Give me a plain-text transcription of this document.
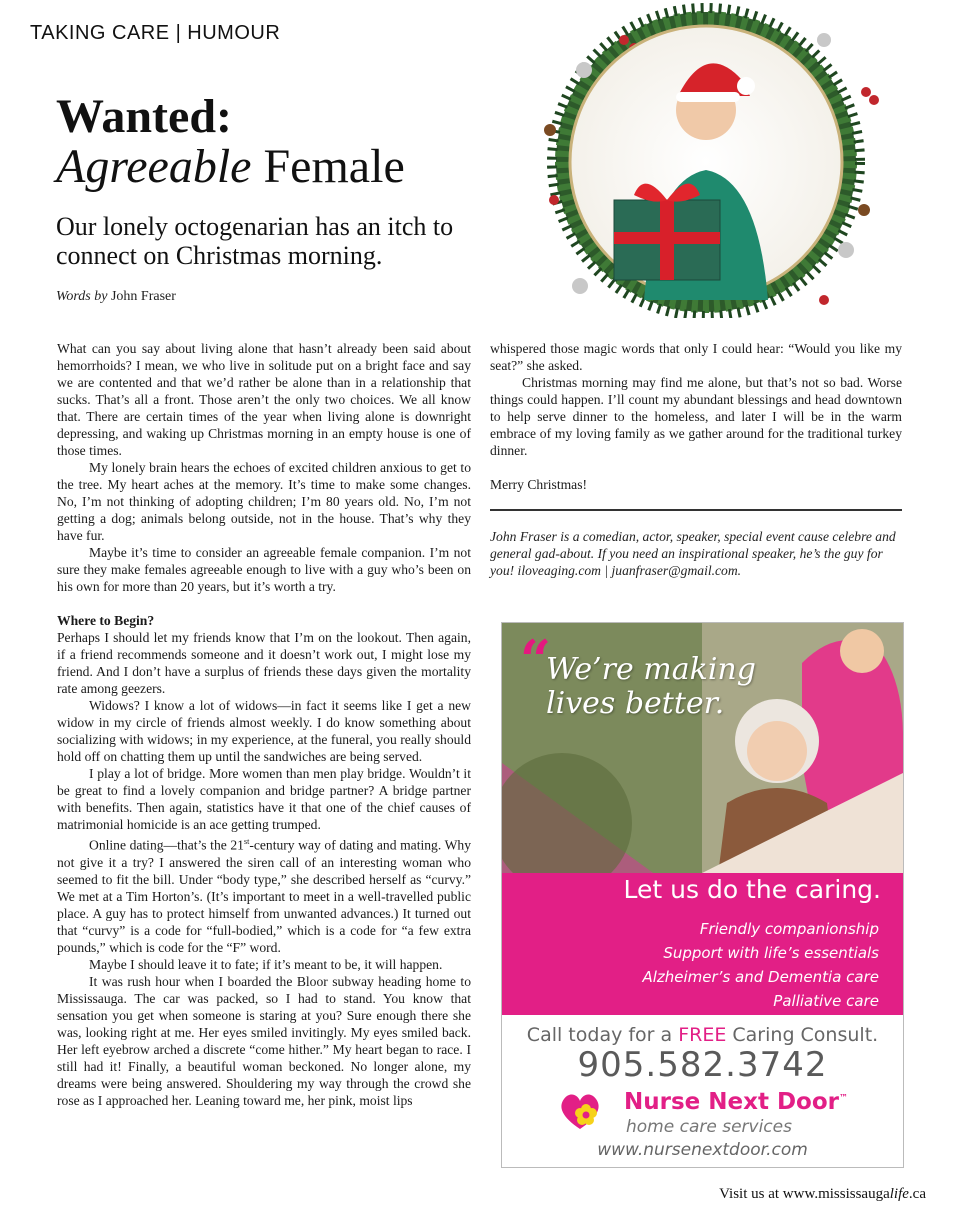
TAKING CARE | HUMOUR
Wanted:
Agreeable Female
Our lonely octogenarian has an itch to connect on Christmas morning.
Words by John Fraser

What can you say about living alone that hasn’t already been said about hemorrhoids? I mean, we who live in solitude put on a bright face and say we are contented and that we’d rather be alone than in a relationship that sucks. That’s all a front. Those aren’t the only two choices. We all know that. There are certain times of the year when living alone is downright depressing, and waking up Christmas morning in an empty house is one of those times.

My lonely brain hears the echoes of excited children anxious to get to the tree. My heart aches at the memory. It’s time to make some changes. No, I’m not thinking of adopting children; I’m 80 years old. No, I’m not getting a dog; animals belong outside, not in the house. That’s why they have fur.

Maybe it’s time to consider an agreeable female companion. I’m not sure they make females agreeable enough to live with a guy who’s been on his own for more than 20 years, but it’s worth a try.

Where to Begin?

Perhaps I should let my friends know that I’m on the lookout. Then again, if a friend recommends someone and it doesn’t work out, I might lose my friend. And I don’t have a surplus of friends these days given the mortality rate among geezers.

Widows? I know a lot of widows—in fact it seems like I get a new widow in my circle of friends almost weekly. I do know something about socializing with widows; in my experience, at the funeral, you really should hold off on chatting them up until the sandwiches are being served.

I play a lot of bridge. More women than men play bridge. Wouldn’t it be great to find a lovely companion and bridge partner? A bridge partner with benefits. Then again, statistics have it that one of the chief causes of matrimonial homicide is an ace getting trumped.

Online dating—that’s the 21st-century way of dating and mating. Why not give it a try? I answered the siren call of an interesting woman who seemed to fit the bill. Under “body type,” she described herself as “curvy.” We met at a Tim Horton’s. (It’s important to meet in a well-travelled public place. A guy has to protect himself from unwanted advances.) It turned out that “curvy” is a code for “full-bodied,” which is a code for “a few extra pounds,” which is code for the “F” word.

Maybe I should leave it to fate; if it’s meant to be, it will happen.

It was rush hour when I boarded the Bloor subway heading home to Mississauga. The car was packed, so I had to stand. You know that sensation you get when someone is staring at you? Sure enough there she was, looking right at me. Her eyes smiled invitingly. My eyes smiled back. Her left eyebrow arched a discrete “come hither.” My heart began to race. I still had it! Finally, a beautiful woman beckoned. No longer alone, my dreams were being answered. Shouldering my way through the crowd she rose as I approached her. Leaning toward me, her pink, moist lips

whispered those magic words that only I could hear: “Would you like my seat?” she asked.

Christmas morning may find me alone, but that’s not so bad. Worse things could happen. I’ll count my abundant blessings and head downtown to help serve dinner to the homeless, and later I will be in the warm embrace of my loving family as we gather around for the traditional turkey dinner.

Merry Christmas!

John Fraser is a comedian, actor, speaker, special event cause celebre and general gad-about. If you need an inspirational speaker, he’s the guy for you! iloveaging.com | juanfraser@gmail.com.
“
We’re making lives better.
Let us do the caring.
Friendly companionship
Support with life’s essentials
Alzheimer’s and Dementia care
Palliative care
Call today for a FREE Caring Consult.
905.582.3742
Nurse Next Door™
home care services
www.nursenextdoor.com
Visit us at www.mississaugalife.ca
